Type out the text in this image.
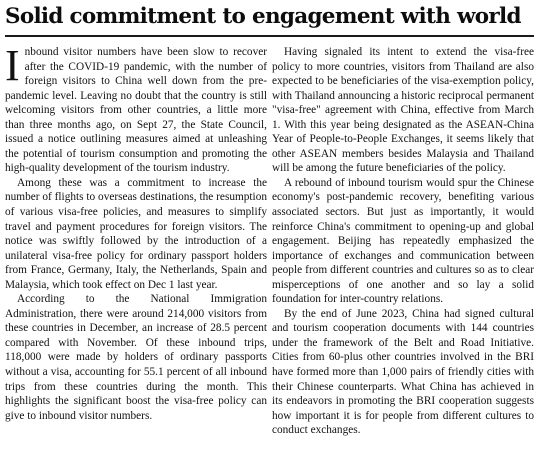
Solid commitment to engagement with world

Inbound visitor numbers have been slow to recover after the COVID-19 pandemic, with the number of foreign visitors to China well down from the pre-pandemic level. Leaving no doubt that the country is still welcoming visitors from other countries, a little more than three months ago, on Sept 27, the State Council, issued a notice outlining measures aimed at unleashing the potential of tourism consumption and promoting the high-quality development of the tourism industry.

Among these was a commitment to increase the number of flights to overseas destinations, the resumption of various visa-free policies, and measures to simplify travel and payment procedures for foreign visitors. The notice was swiftly followed by the introduction of a unilateral visa-free policy for ordinary passport holders from France, Germany, Italy, the Netherlands, Spain and Malaysia, which took effect on Dec 1 last year.

According to the National Immigration Administration, there were around 214,000 visitors from these countries in December, an increase of 28.5 percent compared with November. Of these inbound trips, 118,000 were made by holders of ordinary passports without a visa, accounting for 55.1 percent of all inbound trips from these countries during the month. This highlights the significant boost the visa-free policy can give to inbound visitor numbers.

Having signaled its intent to extend the visa-free policy to more countries, visitors from Thailand are also expected to be beneficiaries of the visa-exemption policy, with Thailand announcing a historic reciprocal permanent "visa-free" agreement with China, effective from March 1. With this year being designated as the ASEAN-China Year of People-to-People Exchanges, it seems likely that other ASEAN members besides Malaysia and Thailand will be among the future beneficiaries of the policy.

A rebound of inbound tourism would spur the Chinese economy's post-pandemic recovery, benefiting various associated sectors. But just as importantly, it would reinforce China's commitment to opening-up and global engagement. Beijing has repeatedly emphasized the importance of exchanges and communication between people from different countries and cultures so as to clear misperceptions of one another and so lay a solid foundation for inter-country relations.

By the end of June 2023, China had signed cultural and tourism cooperation documents with 144 countries under the framework of the Belt and Road Initiative. Cities from 60-plus other countries involved in the BRI have formed more than 1,000 pairs of friendly cities with their Chinese counterparts. What China has achieved in its endeavors in promoting the BRI cooperation suggests how important it is for people from different cultures to conduct exchanges.
